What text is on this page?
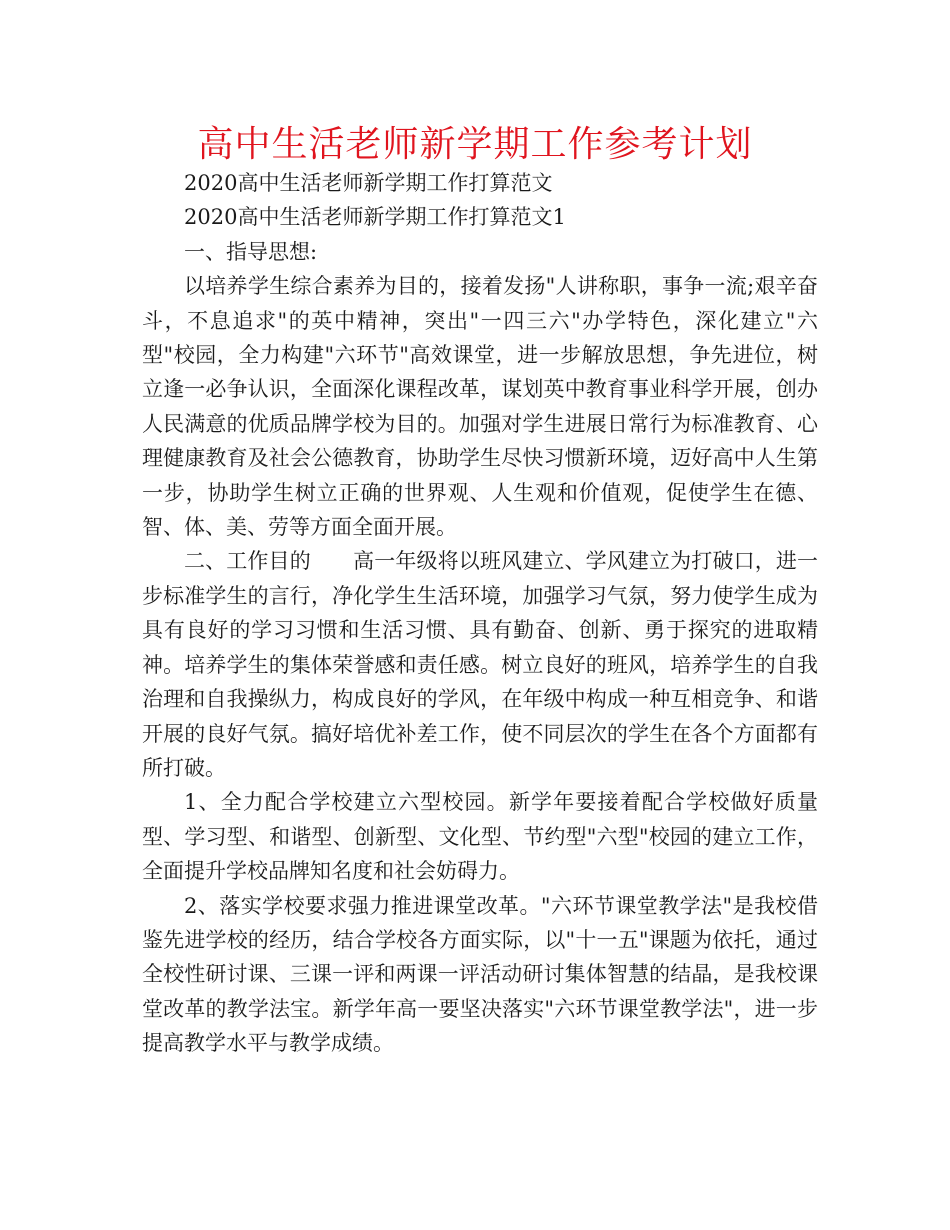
高中生活老师新学期工作参考计划

2020高中生活老师新学期工作打算范文

2020高中生活老师新学期工作打算范文1

一、指导思想:

以培养学生综合素养为目的，接着发扬"人讲称职，事争一流;艰辛奋斗，不息追求"的英中精神，突出"一四三六"办学特色，深化建立"六型"校园，全力构建"六环节"高效课堂，进一步解放思想，争先进位，树立逢一必争认识，全面深化课程改革，谋划英中教育事业科学开展，创办人民满意的优质品牌学校为目的。加强对学生进展日常行为标准教育、心理健康教育及社会公德教育，协助学生尽快习惯新环境，迈好高中人生第一步，协助学生树立正确的世界观、人生观和价值观，促使学生在德、智、体、美、劳等方面全面开展。

二、工作目的　　高一年级将以班风建立、学风建立为打破口，进一步标准学生的言行，净化学生生活环境，加强学习气氛，努力使学生成为具有良好的学习习惯和生活习惯、具有勤奋、创新、勇于探究的进取精神。培养学生的集体荣誉感和责任感。树立良好的班风，培养学生的自我治理和自我操纵力，构成良好的学风，在年级中构成一种互相竞争、和谐开展的良好气氛。搞好培优补差工作，使不同层次的学生在各个方面都有所打破。

1、全力配合学校建立六型校园。新学年要接着配合学校做好质量型、学习型、和谐型、创新型、文化型、节约型"六型"校园的建立工作，全面提升学校品牌知名度和社会妨碍力。

2、落实学校要求强力推进课堂改革。"六环节课堂教学法"是我校借鉴先进学校的经历，结合学校各方面实际，以"十一五"课题为依托，通过全校性研讨课、三课一评和两课一评活动研讨集体智慧的结晶，是我校课堂改革的教学法宝。新学年高一要坚决落实"六环节课堂教学法"，进一步提高教学水平与教学成绩。
